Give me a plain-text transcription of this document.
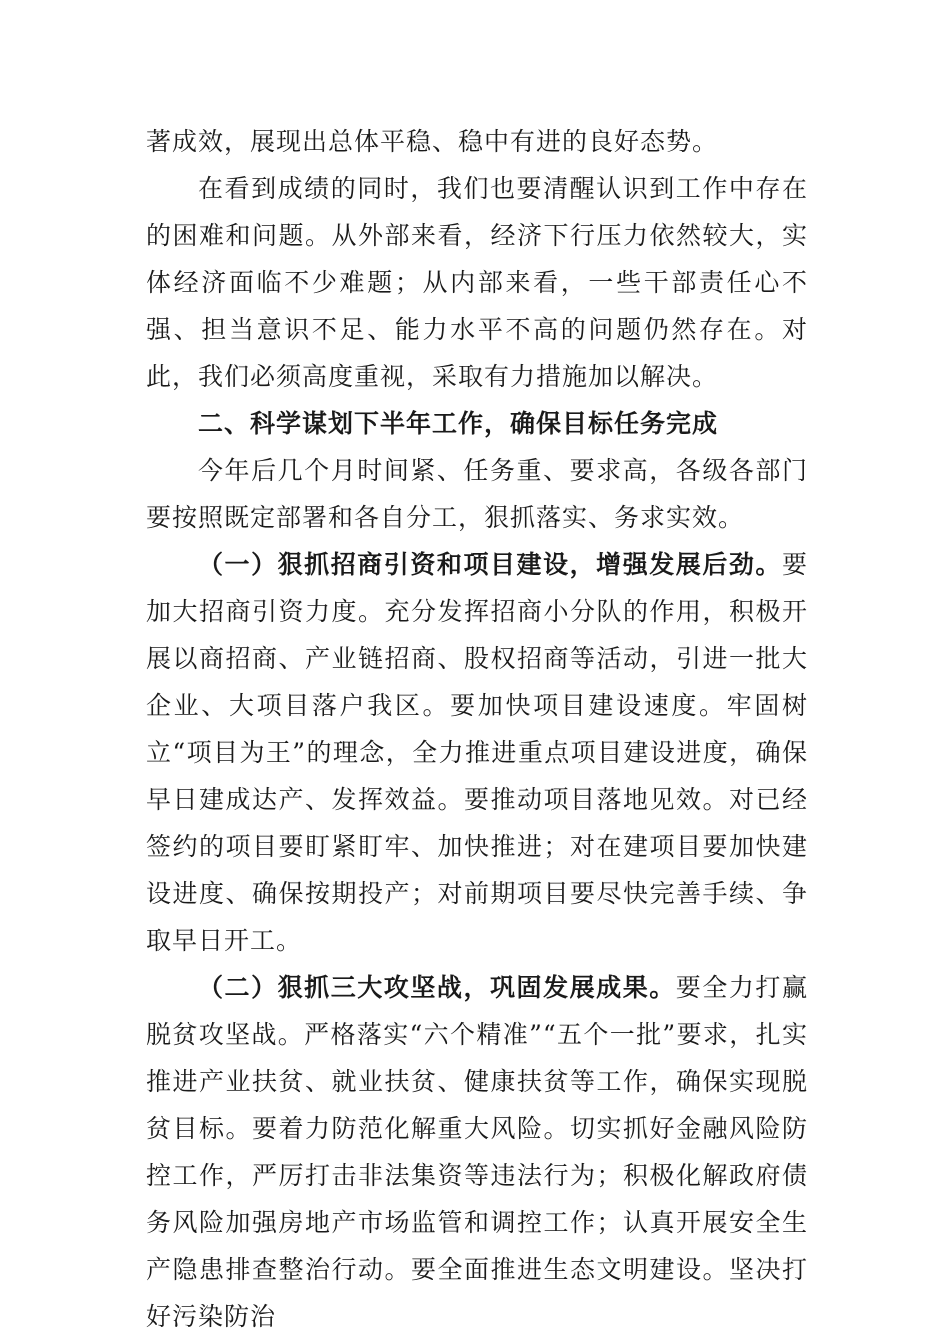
著成效，展现出总体平稳、稳中有进的良好态势。

在看到成绩的同时，我们也要清醒认识到工作中存在的困难和问题。从外部来看，经济下行压力依然较大，实体经济面临不少难题；从内部来看，一些干部责任心不强、担当意识不足、能力水平不高的问题仍然存在。对此，我们必须高度重视，采取有力措施加以解决。

二、科学谋划下半年工作，确保目标任务完成

今年后几个月时间紧、任务重、要求高，各级各部门要按照既定部署和各自分工，狠抓落实、务求实效。

（一）狠抓招商引资和项目建设，增强发展后劲。要加大招商引资力度。充分发挥招商小分队的作用，积极开展以商招商、产业链招商、股权招商等活动，引进一批大企业、大项目落户我区。要加快项目建设速度。牢固树立“项目为王”的理念，全力推进重点项目建设进度，确保早日建成达产、发挥效益。要推动项目落地见效。对已经签约的项目要盯紧盯牢、加快推进；对在建项目要加快建设进度、确保按期投产；对前期项目要尽快完善手续、争取早日开工。

（二）狠抓三大攻坚战，巩固发展成果。要全力打赢脱贫攻坚战。严格落实“六个精准”“五个一批”要求，扎实推进产业扶贫、就业扶贫、健康扶贫等工作，确保实现脱贫目标。要着力防范化解重大风险。切实抓好金融风险防控工作，严厉打击非法集资等违法行为；积极化解政府债务风险加强房地产市场监管和调控工作；认真开展安全生产隐患排查整治行动。要全面推进生态文明建设。坚决打好污染防治
